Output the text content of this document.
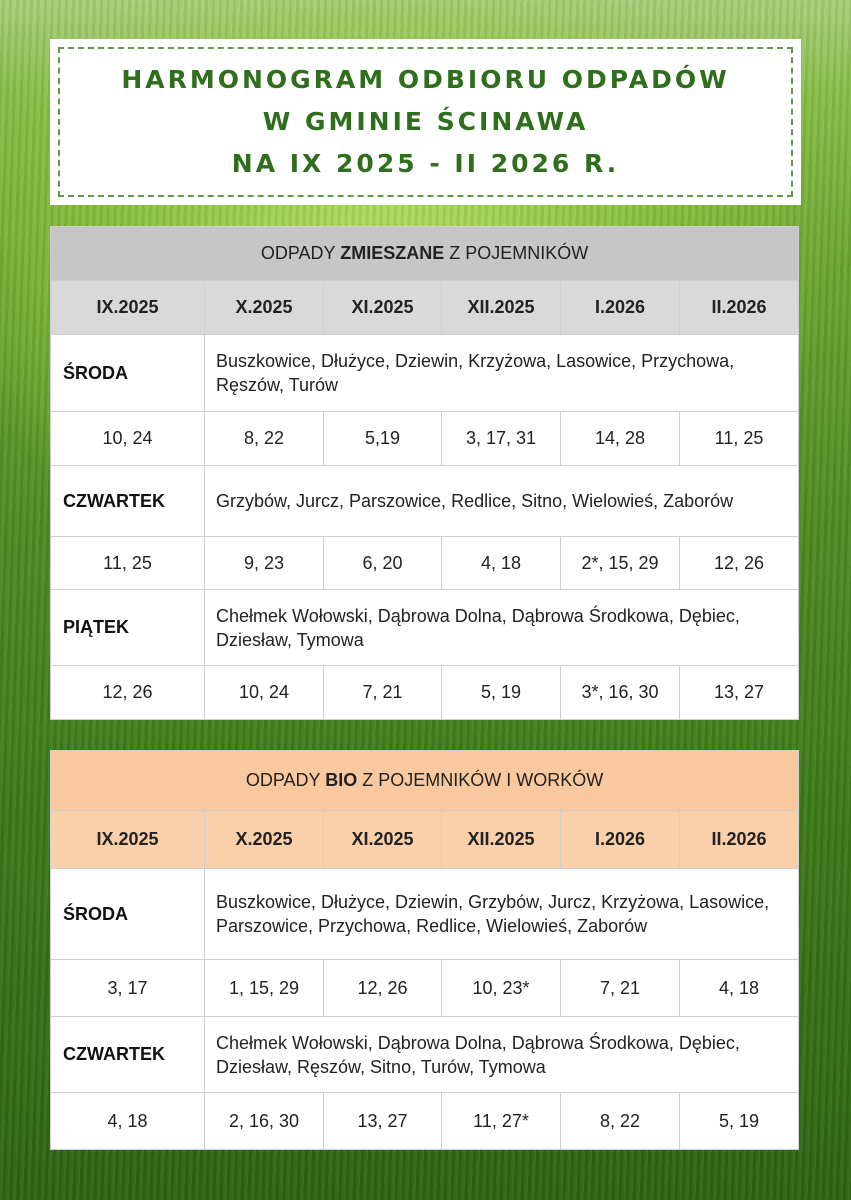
HARMONOGRAM ODBIORU ODPADÓW
W GMINIE ŚCINAWA
NA IX 2025 - II 2026 R.
ODPADY ZMIESZANE Z POJEMNIKÓW					
IX.2025	X.2025	XI.2025	XII.2025	I.2026	II.2026
ŚRODA	Buszkowice, Dłużyce, Dziewin, Krzyżowa, Lasowice, Przychowa, Ręszów, Turów				
10, 24	8, 22	5,19	3, 17, 31	14, 28	11, 25
CZWARTEK	Grzybów, Jurcz, Parszowice, Redlice, Sitno, Wielowieś, Zaborów				
11, 25	9, 23	6, 20	4, 18	2*, 15, 29	12, 26
PIĄTEK	Chełmek Wołowski, Dąbrowa Dolna, Dąbrowa Środkowa, Dębiec, Dziesław, Tymowa				
12, 26	10, 24	7, 21	5, 19	3*, 16, 30	13, 27
ODPADY BIO Z POJEMNIKÓW I WORKÓW					
IX.2025	X.2025	XI.2025	XII.2025	I.2026	II.2026
ŚRODA	Buszkowice, Dłużyce, Dziewin, Grzybów, Jurcz, Krzyżowa, Lasowice, Parszowice, Przychowa, Redlice, Wielowieś, Zaborów				
3, 17	1, 15, 29	12, 26	10, 23*	7, 21	4, 18
CZWARTEK	Chełmek Wołowski, Dąbrowa Dolna, Dąbrowa Środkowa, Dębiec, Dziesław, Ręszów, Sitno, Turów, Tymowa				
4, 18	2, 16, 30	13, 27	11, 27*	8, 22	5, 19
